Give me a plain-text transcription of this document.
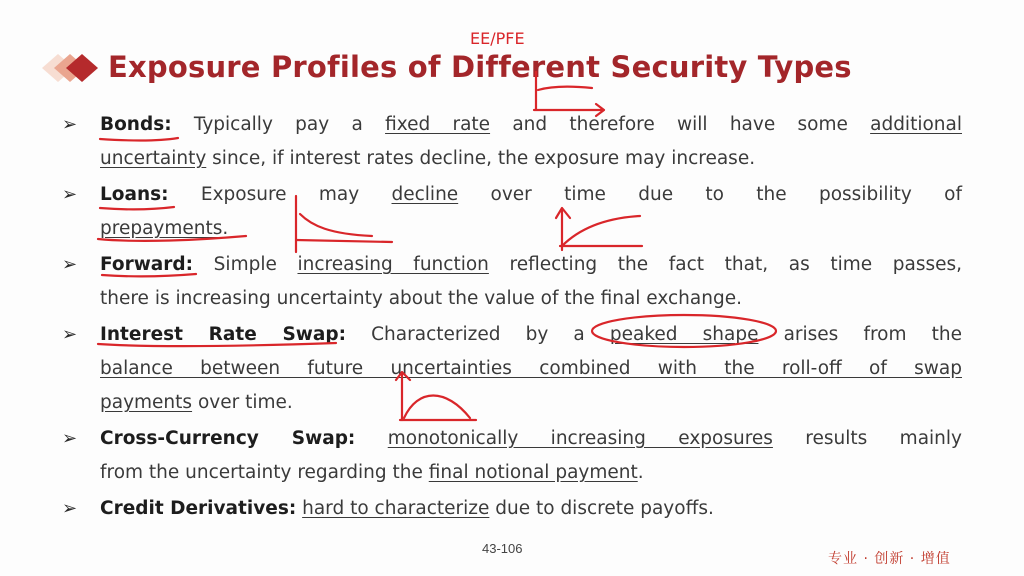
Exposure Profiles of Different Security Types
➢ Bonds: Typically pay a fixed rate and therefore will have some additional
uncertainty since, if interest rates decline, the exposure may increase.
➢ Loans: Exposure may decline over time due to the possibility of
prepayments.
➢ Forward: Simple increasing function reflecting the fact that, as time passes,
there is increasing uncertainty about the value of the final exchange.
➢ Interest Rate Swap: Characterized by a peaked shape arises from the
balance between future uncertainties combined with the roll-off of swap
payments over time.
➢ Cross-Currency Swap: monotonically increasing exposures results mainly
from the uncertainty regarding the final notional payment.
➢ Credit Derivatives: hard to characterize due to discrete payoffs.
43-106
专业 · 创新 · 增值
EE/PFE
